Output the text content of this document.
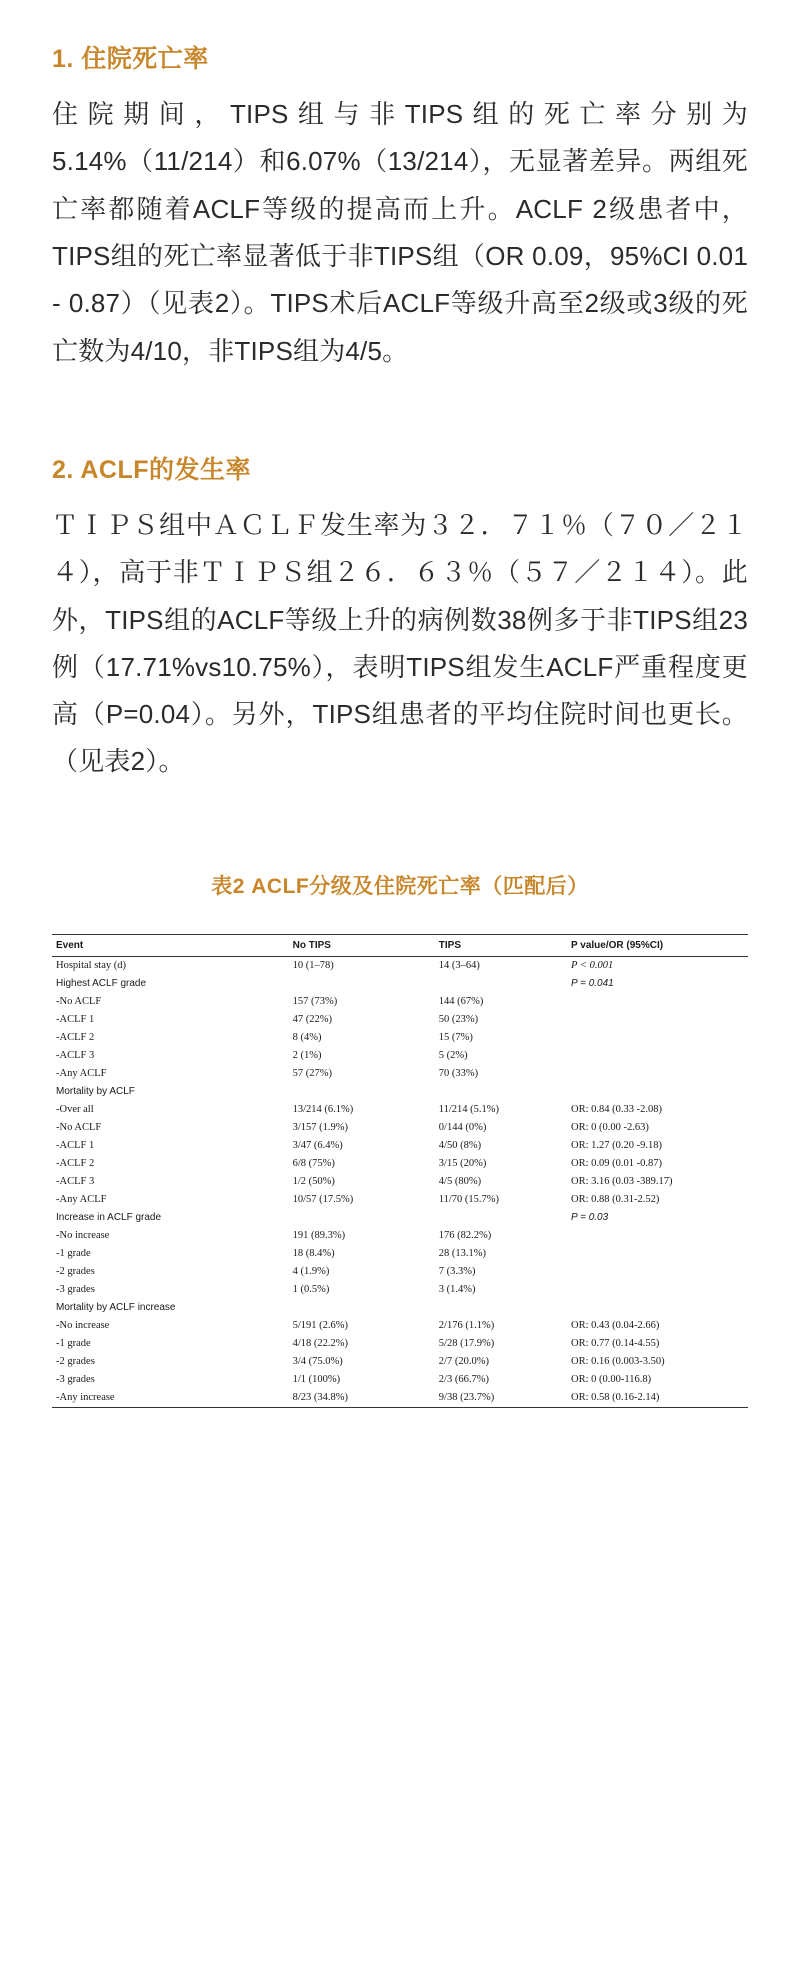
1. 住院死亡率

住院期间，TIPS组与非TIPS组的死亡率分别为5.14%（11/214）和6.07%（13/214），无显著差异。两组死亡率都随着ACLF等级的提高而上升。ACLF 2级患者中，TIPS组的死亡率显著低于非TIPS组（OR 0.09，95%CI 0.01 - 0.87）（见表2）。TIPS术后ACLF等级升高至2级或3级的死亡数为4/10，非TIPS组为4/5。

2. ACLF的发生率

ＴＩＰＳ组中ＡＣＬＦ发生率为３２．７１％（７０／２１４），高于非ＴＩＰＳ组２６．６３％（５７／２１４）。此外，TIPS组的ACLF等级上升的病例数38例多于非TIPS组23例（17.71%vs10.75%），表明TIPS组发生ACLF严重程度更高（P=0.04）。另外，TIPS组患者的平均住院时间也更长。（见表2）。

表2 ACLF分级及住院死亡率（匹配后）
Event	No TIPS	TIPS	P value/OR (95%CI)
Hospital stay (d)	10 (1–78)	14 (3–64)	P < 0.001
Highest ACLF grade			P = 0.041
-No ACLF	157 (73%)	144 (67%)	
-ACLF 1	47 (22%)	50 (23%)	
-ACLF 2	8 (4%)	15 (7%)	
-ACLF 3	2 (1%)	5 (2%)	
-Any ACLF	57 (27%)	70 (33%)	
Mortality by ACLF			
-Over all	13/214 (6.1%)	11/214 (5.1%)	OR: 0.84 (0.33 -2.08)
-No ACLF	3/157 (1.9%)	0/144 (0%)	OR: 0 (0.00 -2.63)
-ACLF 1	3/47 (6.4%)	4/50 (8%)	OR: 1.27 (0.20 -9.18)
-ACLF 2	6/8 (75%)	3/15 (20%)	OR: 0.09 (0.01 -0.87)
-ACLF 3	1/2 (50%)	4/5 (80%)	OR: 3.16 (0.03 -389.17)
-Any ACLF	10/57 (17.5%)	11/70 (15.7%)	OR: 0.88 (0.31-2.52)
Increase in ACLF grade			P = 0.03
-No increase	191 (89.3%)	176 (82.2%)	
-1 grade	18 (8.4%)	28 (13.1%)	
-2 grades	4 (1.9%)	7 (3.3%)	
-3 grades	1 (0.5%)	3 (1.4%)	
Mortality by ACLF increase			
-No increase	5/191 (2.6%)	2/176 (1.1%)	OR: 0.43 (0.04-2.66)
-1 grade	4/18 (22.2%)	5/28 (17.9%)	OR: 0.77 (0.14-4.55)
-2 grades	3/4 (75.0%)	2/7 (20.0%)	OR: 0.16 (0.003-3.50)
-3 grades	1/1 (100%)	2/3 (66.7%)	OR: 0 (0.00-116.8)
-Any increase	8/23 (34.8%)	9/38 (23.7%)	OR: 0.58 (0.16-2.14)
